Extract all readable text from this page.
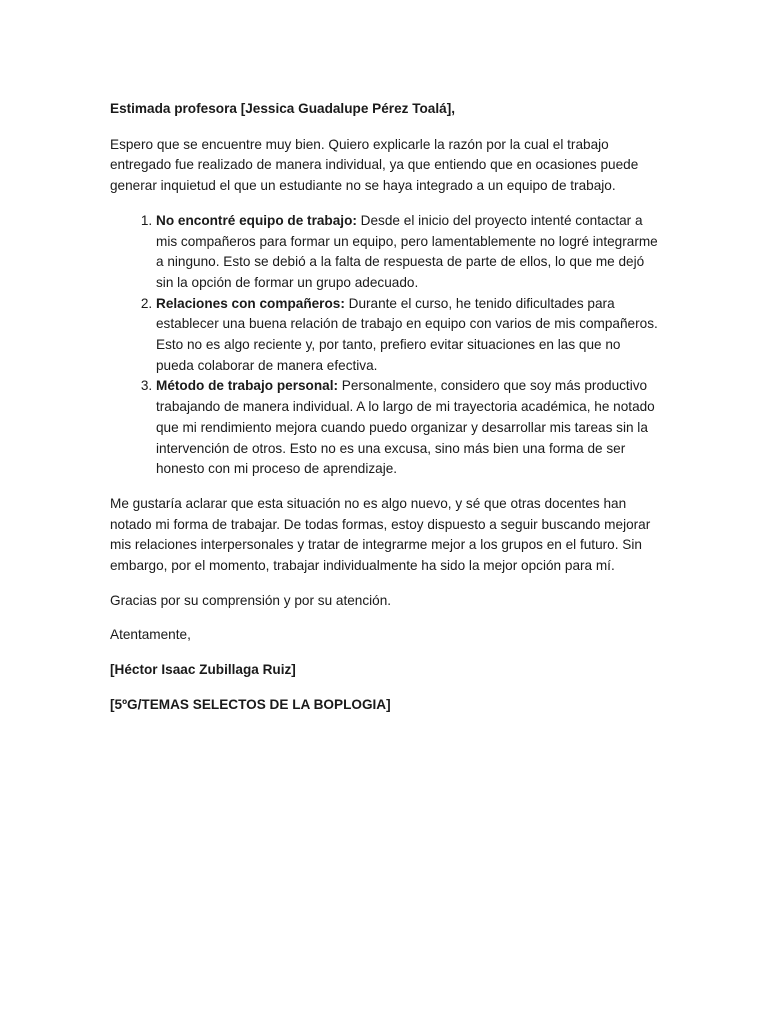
Estimada profesora [Jessica Guadalupe Pérez Toalá],

Espero que se encuentre muy bien. Quiero explicarle la razón por la cual el trabajo entregado fue realizado de manera individual, ya que entiendo que en ocasiones puede generar inquietud el que un estudiante no se haya integrado a un equipo de trabajo.

1. No encontré equipo de trabajo: Desde el inicio del proyecto intenté contactar a mis compañeros para formar un equipo, pero lamentablemente no logré integrarme a ninguno. Esto se debió a la falta de respuesta de parte de ellos, lo que me dejó sin la opción de formar un grupo adecuado.
2. Relaciones con compañeros: Durante el curso, he tenido dificultades para establecer una buena relación de trabajo en equipo con varios de mis compañeros. Esto no es algo reciente y, por tanto, prefiero evitar situaciones en las que no pueda colaborar de manera efectiva.
3. Método de trabajo personal: Personalmente, considero que soy más productivo trabajando de manera individual. A lo largo de mi trayectoria académica, he notado que mi rendimiento mejora cuando puedo organizar y desarrollar mis tareas sin la intervención de otros. Esto no es una excusa, sino más bien una forma de ser honesto con mi proceso de aprendizaje.

Me gustaría aclarar que esta situación no es algo nuevo, y sé que otras docentes han notado mi forma de trabajar. De todas formas, estoy dispuesto a seguir buscando mejorar mis relaciones interpersonales y tratar de integrarme mejor a los grupos en el futuro. Sin embargo, por el momento, trabajar individualmente ha sido la mejor opción para mí.

Gracias por su comprensión y por su atención.

Atentamente,

[Héctor Isaac Zubillaga Ruiz]

[5ºG/TEMAS SELECTOS DE LA BOPLOGIA]
